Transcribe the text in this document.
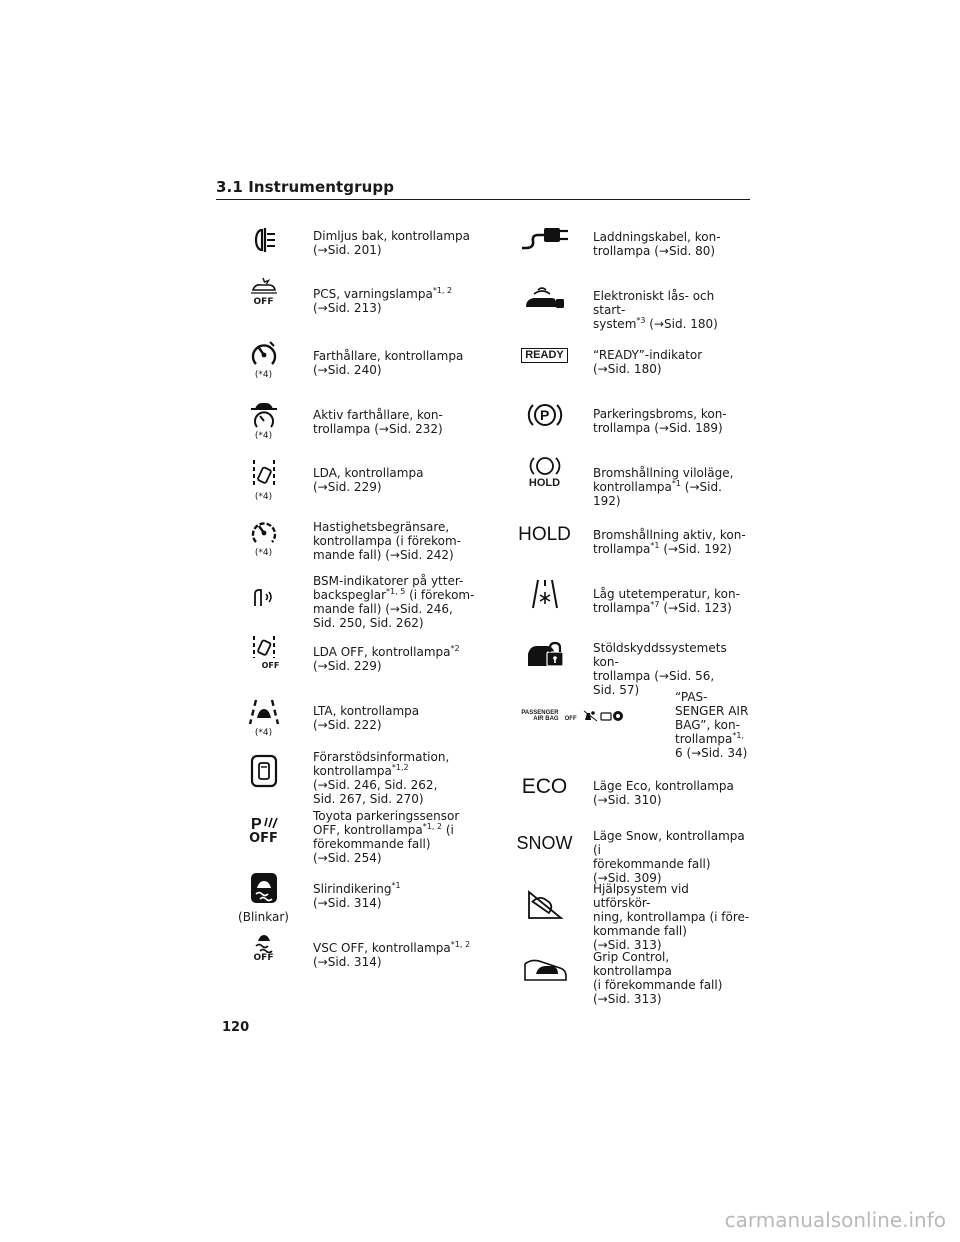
3.1 Instrumentgrupp
Dimljus bak, kontrollampa
(→Sid. 201)
OFF
PCS, varningslampa$^{*1, 2}$
(→Sid. 213)
(*4)
Farthållare, kontrollampa
(→Sid. 240)
(*4)
Aktiv farthållare, kon-
trollampa (→Sid. 232)
(*4)
LDA, kontrollampa
(→Sid. 229)
(*4)
Hastighetsbegränsare,
kontrollampa (i förekom-
mande fall) (→Sid. 242)
BSM-indikatorer på ytter-
backspeglar$^{*1, 5}$ (i förekom-
mande fall) (→Sid. 246,
Sid. 250, Sid. 262)
OFF
LDA OFF, kontrollampa$^{*2}$
(→Sid. 229)
(*4)
LTA, kontrollampa
(→Sid. 222)
Förarstödsinformation,
kontrollampa$^{*1,2}$
(→Sid. 246, Sid. 262,
Sid. 267, Sid. 270)
P
OFF
Toyota parkeringssensor
OFF, kontrollampa$^{*1, 2}$ (i
förekommande fall)
(→Sid. 254)
(Blinkar)
Slirindikering$^{*1}$
(→Sid. 314)
OFF
VSC OFF, kontrollampa$^{*1, 2}$
(→Sid. 314)
Laddningskabel, kon-
trollampa (→Sid. 80)
Elektroniskt lås- och start-
system$^{*3}$ (→Sid. 180)
READY	“READY”-indikator
(→Sid. 180)
P	Parkeringsbroms, kon-
trollampa (→Sid. 189)
HOLD
Bromshållning viloläge,
kontrollampa$^{*1}$ (→Sid. 192)
HOLD Bromshållning aktiv, kon-
trollampa$^{*1}$ (→Sid. 192)
Låg utetemperatur, kon-
trollampa$^{*7}$ (→Sid. 123)
Stöldskyddssystemets kon-
trollampa (→Sid. 56,
Sid. 57)
PASSENGER
AIR BAG OFF
“PAS-
SENGER AIR
BAG”, kon-
trollampa$^{*1,}$
6 (→Sid. 34)
ECO Läge Eco, kontrollampa
(→Sid. 310)
SNOW Läge Snow, kontrollampa (i
förekommande fall)
(→Sid. 309)
Hjälpsystem vid utförskör-
ning, kontrollampa (i före-
kommande fall)
(→Sid. 313)
Grip Control, kontrollampa
(i förekommande fall)
(→Sid. 313)
120
carmanualsonline.info
